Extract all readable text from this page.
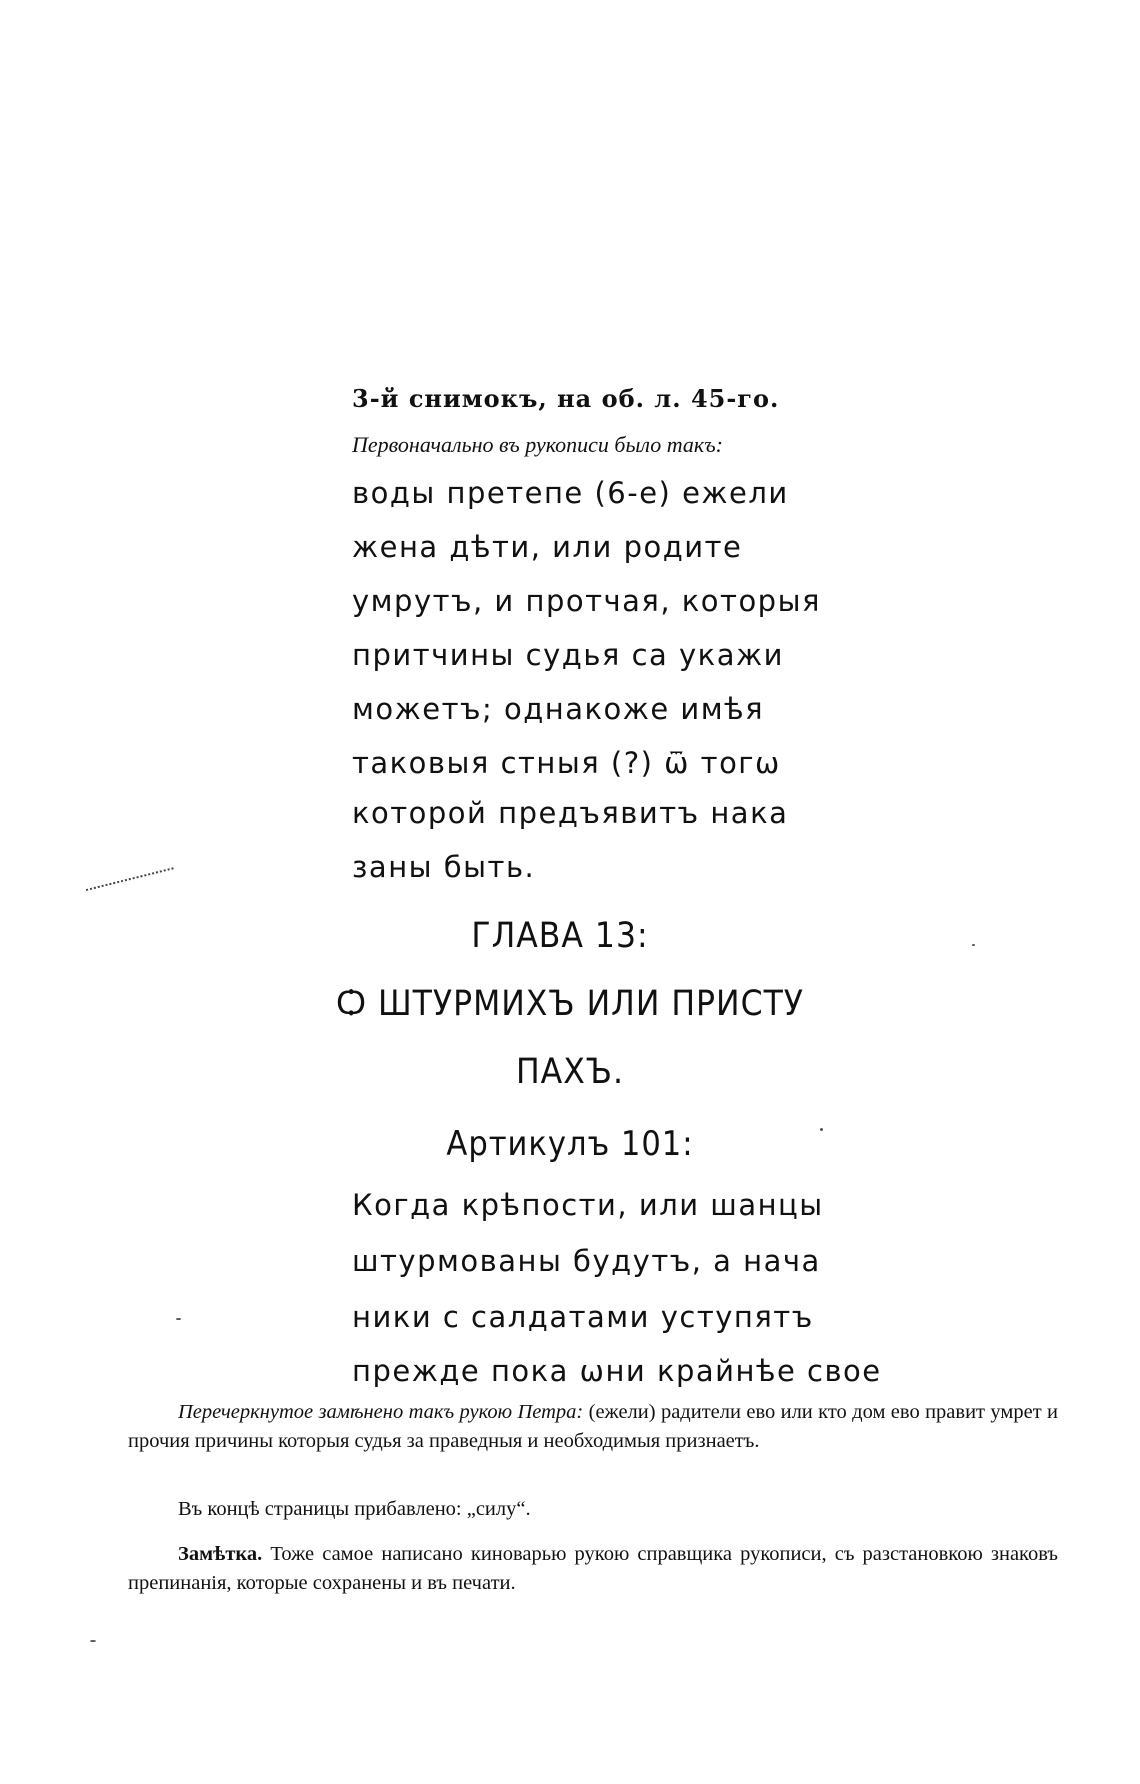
3-й снимокъ, на об. л. 45-го.
Первоначально въ рукописи было такъ:
воды претепе (6-е) ежели
жена дѣти, или родите
умрутъ, и протчая, которыя
притчины судья са укажи
можетъ; однакоже имѣя
таковыя стныя (?) ѿ тогω
которой предъявитъ нака
заны быть.
ГЛАВА 13:
Ѻ ШТУРМИХЪ ИЛИ ПРИСТУ
ПАХЪ.
Артикулъ 101:
Когда крѣпости, или шанцы
штурмованы будутъ, а нача
ники с салдатами уступятъ
прежде пока ωни крайнѣе свое
Перечеркнутое замѣнено такъ рукою Петра: (ежели) радители ево или кто дом ево правит умрет и прочия причины которыя судья за праведныя и необходимыя признаетъ.
Въ концѣ страницы прибавлено: „силу“.
Замѣтка. Тоже самое написано киноварью рукою справщика рукописи, съ разстановкою знаковъ препинанія, которые сохранены и въ печати.
